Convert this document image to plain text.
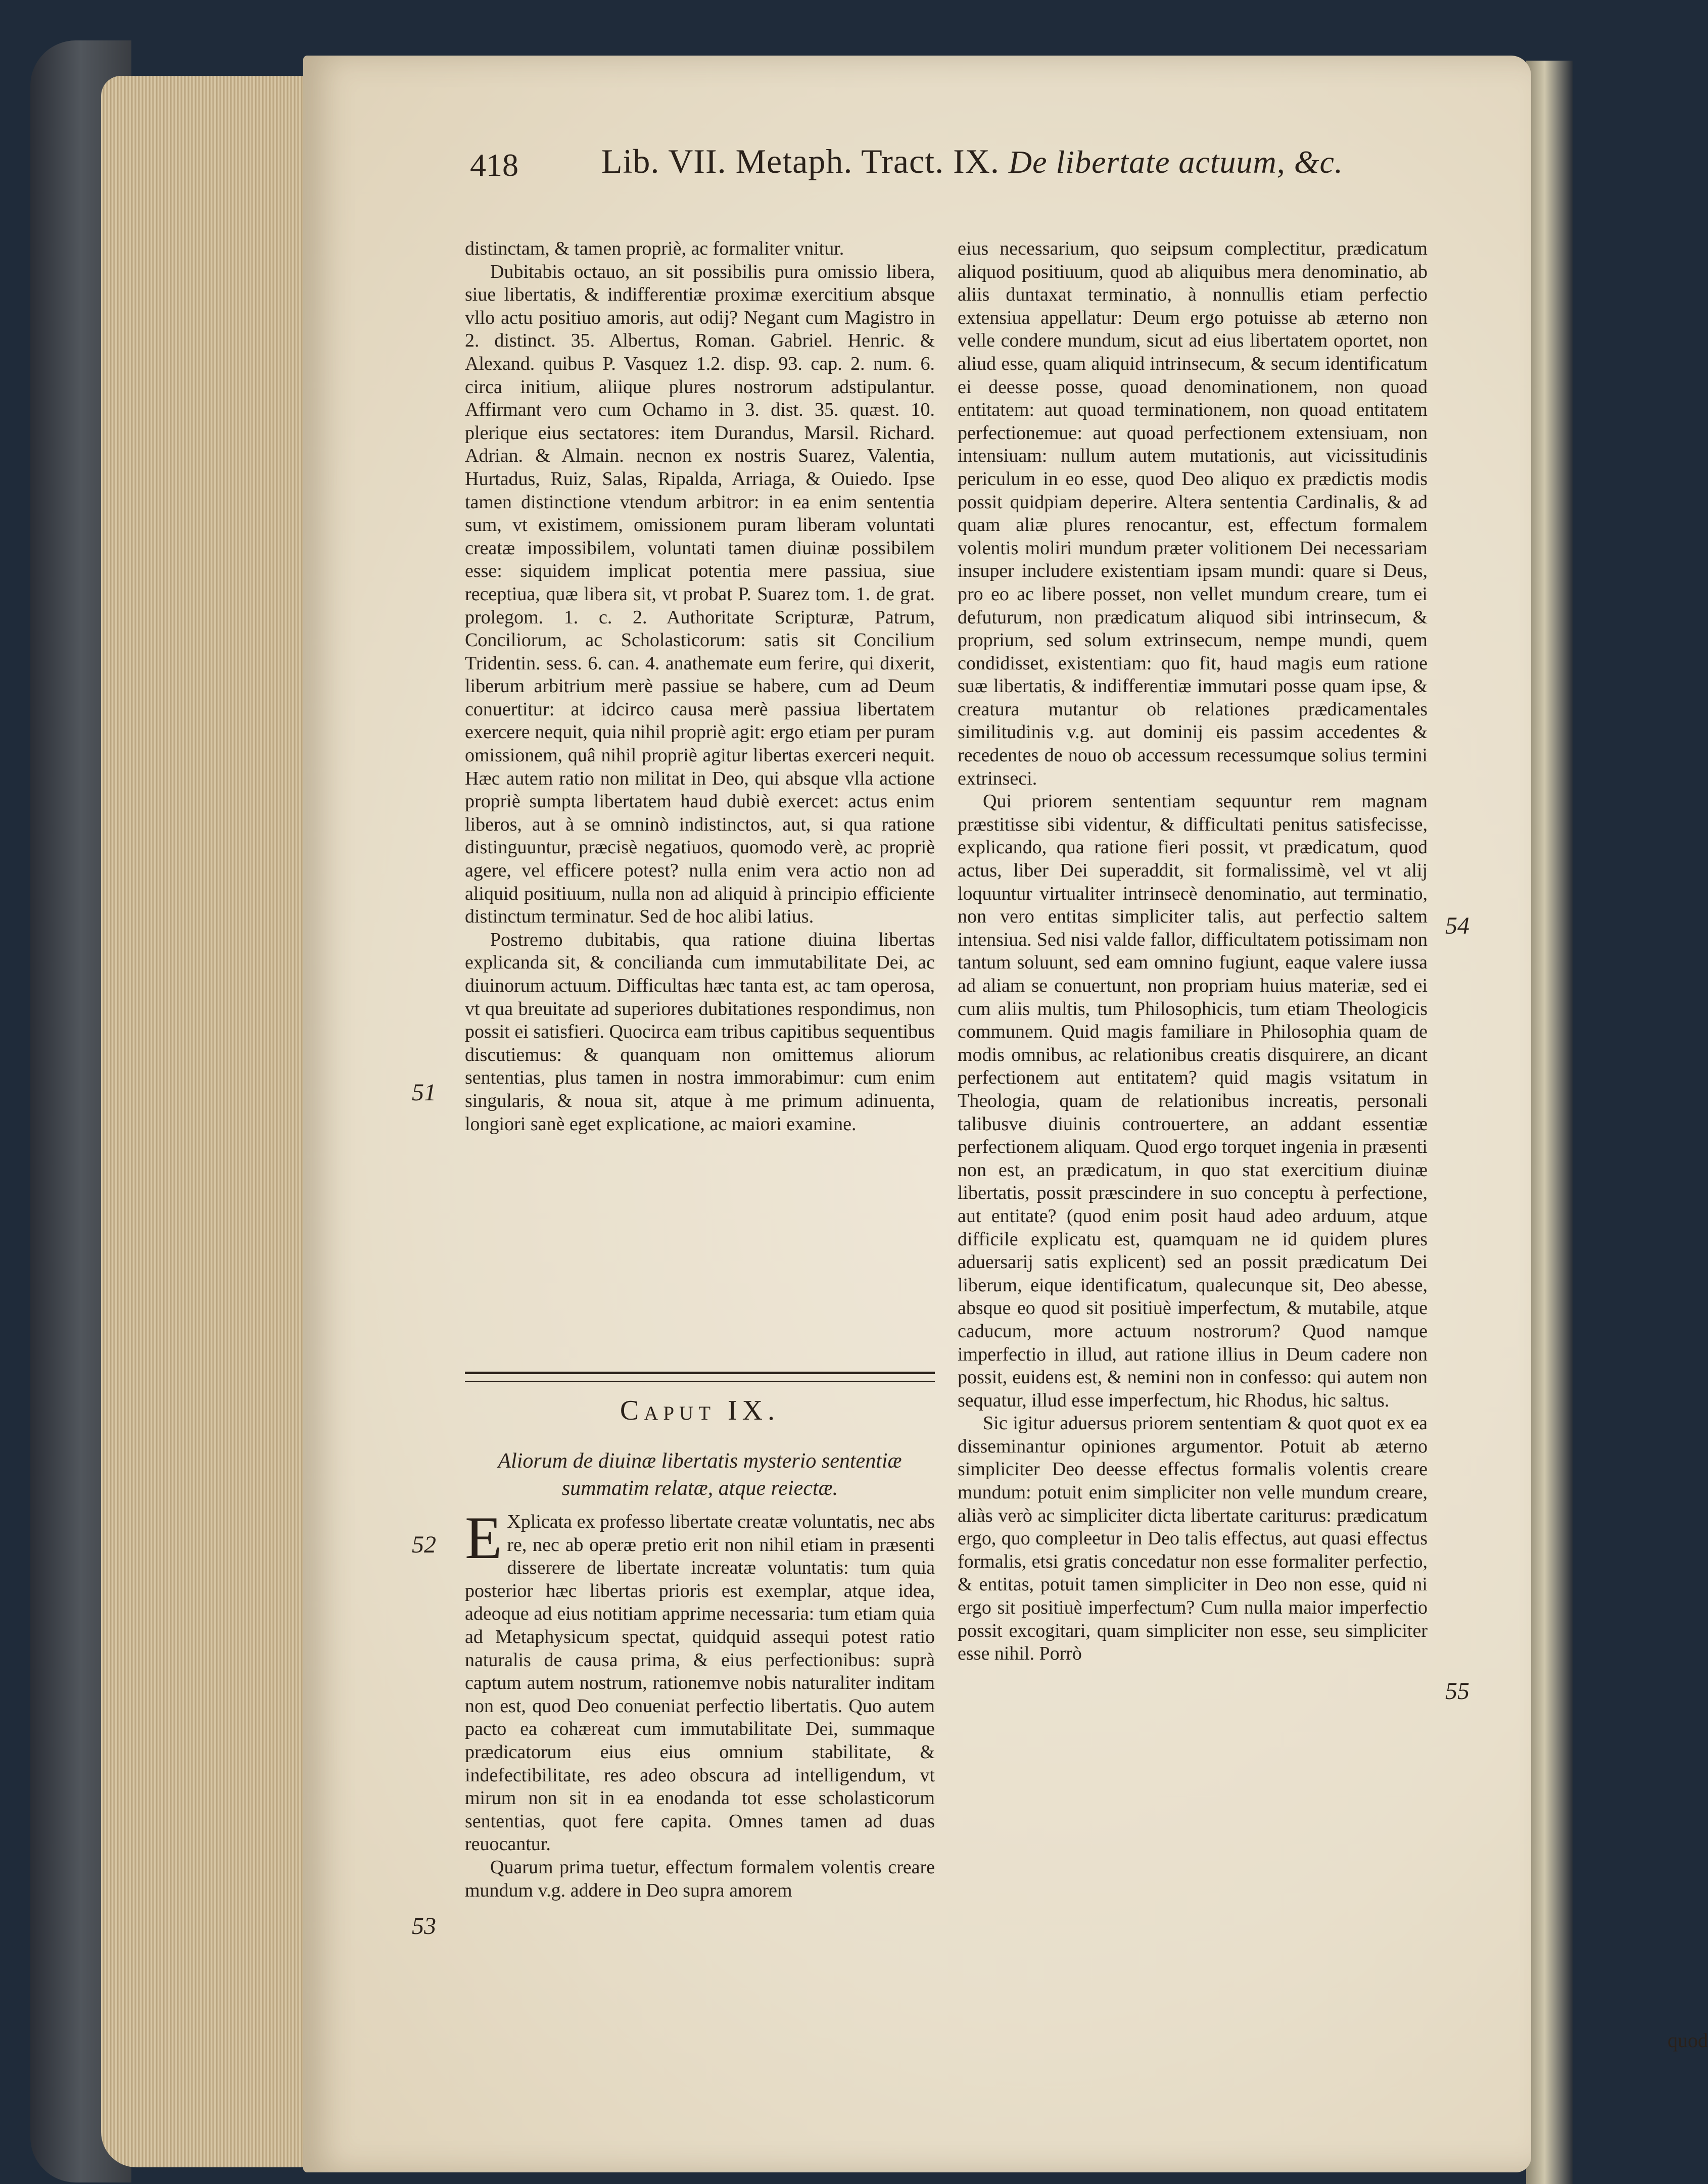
418 Lib. VII. Metaph. Tract. IX. De libertate actuum, &c.

distinctam, & tamen propriè, ac formaliter vnitur.

Dubitabis octauo, an sit possibilis pura omissio libera, siue libertatis, & indifferentiæ proximæ exercitium absque vllo actu positiuo amoris, aut odij? Negant cum Magistro in 2. distinct. 35. Albertus, Roman. Gabriel. Henric. & Alexand. quibus P. Vasquez 1.2. disp. 93. cap. 2. num. 6. circa initium, aliique plures nostrorum adstipulantur. Affirmant vero cum Ochamo in 3. dist. 35. quæst. 10. plerique eius sectatores: item Durandus, Marsil. Richard. Adrian. & Almain. necnon ex nostris Suarez, Valentia, Hurtadus, Ruiz, Salas, Ripalda, Arriaga, & Ouiedo. Ipse tamen distinctione vtendum arbitror: in ea enim sententia sum, vt existimem, omissionem puram liberam voluntati creatæ impossibilem, voluntati tamen diuinæ possibilem esse: siquidem implicat potentia mere passiua, siue receptiua, quæ libera sit, vt probat P. Suarez tom. 1. de grat. prolegom. 1. c. 2. Authoritate Scripturæ, Patrum, Conciliorum, ac Scholasticorum: satis sit Concilium Tridentin. sess. 6. can. 4. anathemate eum ferire, qui dixerit, liberum arbitrium merè passiue se habere, cum ad Deum conuertitur: at idcirco causa merè passiua libertatem exercere nequit, quia nihil propriè agit: ergo etiam per puram omissionem, quâ nihil propriè agitur libertas exerceri nequit. Hæc autem ratio non militat in Deo, qui absque vlla actione propriè sumpta libertatem haud dubiè exercet: actus enim liberos, aut à se omninò indistinctos, aut, si qua ratione distinguuntur, præcisè negatiuos, quomodo verè, ac propriè agere, vel efficere potest? nulla enim vera actio non ad aliquid positiuum, nulla non ad aliquid à principio efficiente distinctum terminatur. Sed de hoc alibi latius.

Postremo dubitabis, qua ratione diuina libertas explicanda sit, & concilianda cum immutabilitate Dei, ac diuinorum actuum. Difficultas hæc tanta est, ac tam operosa, vt qua breuitate ad superiores dubitationes respondimus, non possit ei satisfieri. Quocirca eam tribus capitibus sequentibus discutiemus: & quanquam non omittemus aliorum sententias, plus tamen in nostra immorabimur: cum enim singularis, & noua sit, atque à me primum adinuenta, longiori sanè eget explicatione, ac maiori examine.

Caput IX.
Aliorum de diuinæ libertatis mysterio sententiæ summatim relatæ, atque reiectæ.

E Xplicata ex professo libertate creatæ voluntatis, nec abs re, nec ab operæ pretio erit non nihil etiam in præsenti disserere de libertate increatæ voluntatis: tum quia posterior hæc libertas prioris est exemplar, atque idea, adeoque ad eius notitiam apprime necessaria: tum etiam quia ad Metaphysicum spectat, quidquid assequi potest ratio naturalis de causa prima, & eius perfectionibus: suprà captum autem nostrum, rationemve nobis naturaliter inditam non est, quod Deo conueniat perfectio libertatis. Quo autem pacto ea cohæreat cum immutabilitate Dei, summaque prædicatorum eius eius omnium stabilitate, & indefectibilitate, res adeo obscura ad intelligendum, vt mirum non sit in ea enodanda tot esse scholasticorum sententias, quot fere capita. Omnes tamen ad duas reuocantur.

Quarum prima tuetur, effectum formalem volentis creare mundum v.g. addere in Deo supra amorem

eius necessarium, quo seipsum complectitur, prædicatum aliquod positiuum, quod ab aliquibus mera denominatio, ab aliis duntaxat terminatio, à nonnullis etiam perfectio extensiua appellatur: Deum ergo potuisse ab æterno non velle condere mundum, sicut ad eius libertatem oportet, non aliud esse, quam aliquid intrinsecum, & secum identificatum ei deesse posse, quoad denominationem, non quoad entitatem: aut quoad terminationem, non quoad entitatem perfectionemue: aut quoad perfectionem extensiuam, non intensiuam: nullum autem mutationis, aut vicissitudinis periculum in eo esse, quod Deo aliquo ex prædictis modis possit quidpiam deperire. Altera sententia Cardinalis, & ad quam aliæ plures renocantur, est, effectum formalem volentis moliri mundum præter volitionem Dei necessariam insuper includere existentiam ipsam mundi: quare si Deus, pro eo ac libere posset, non vellet mundum creare, tum ei defuturum, non prædicatum aliquod sibi intrinsecum, & proprium, sed solum extrinsecum, nempe mundi, quem condidisset, existentiam: quo fit, haud magis eum ratione suæ libertatis, & indifferentiæ immutari posse quam ipse, & creatura mutantur ob relationes prædicamentales similitudinis v.g. aut dominij eis passim accedentes & recedentes de nouo ob accessum recessumque solius termini extrinseci.

Qui priorem sententiam sequuntur rem magnam præstitisse sibi videntur, & difficultati penitus satisfecisse, explicando, qua ratione fieri possit, vt prædicatum, quod actus, liber Dei superaddit, sit formalissimè, vel vt alij loquuntur virtualiter intrinsecè denominatio, aut terminatio, non vero entitas simpliciter talis, aut perfectio saltem intensiua. Sed nisi valde fallor, difficultatem potissimam non tantum soluunt, sed eam omnino fugiunt, eaque valere iussa ad aliam se conuertunt, non propriam huius materiæ, sed ei cum aliis multis, tum Philosophicis, tum etiam Theologicis communem. Quid magis familiare in Philosophia quam de modis omnibus, ac relationibus creatis disquirere, an dicant perfectionem aut entitatem? quid magis vsitatum in Theologia, quam de relationibus increatis, personali talibusve diuinis controuertere, an addant essentiæ perfectionem aliquam. Quod ergo torquet ingenia in præsenti non est, an prædicatum, in quo stat exercitium diuinæ libertatis, possit præscindere in suo conceptu à perfectione, aut entitate? (quod enim posit haud adeo arduum, atque difficile explicatu est, quamquam ne id quidem plures aduersarij satis explicent) sed an possit prædicatum Dei liberum, eique identificatum, qualecunque sit, Deo abesse, absque eo quod sit positiuè imperfectum, & mutabile, atque caducum, more actuum nostrorum? Quod namque imperfectio in illud, aut ratione illius in Deum cadere non possit, euidens est, & nemini non in confesso: qui autem non sequatur, illud esse imperfectum, hic Rhodus, hic saltus.

Sic igitur aduersus priorem sententiam & quot quot ex ea disseminantur opiniones argumentor. Potuit ab æterno simpliciter Deo deesse effectus formalis volentis creare mundum: potuit enim simpliciter non velle mundum creare, aliàs verò ac simpliciter dicta libertate cariturus: prædicatum ergo, quo compleetur in Deo talis effectus, aut quasi effectus formalis, etsi gratis concedatur non esse formaliter perfectio, & entitas, potuit tamen simpliciter in Deo non esse, quid ni ergo sit positiuè imperfectum? Cum nulla maior imperfectio possit excogitari, quam simpliciter non esse, seu simpliciter esse nihil. Porrò

quod
51
52
53
54
55
